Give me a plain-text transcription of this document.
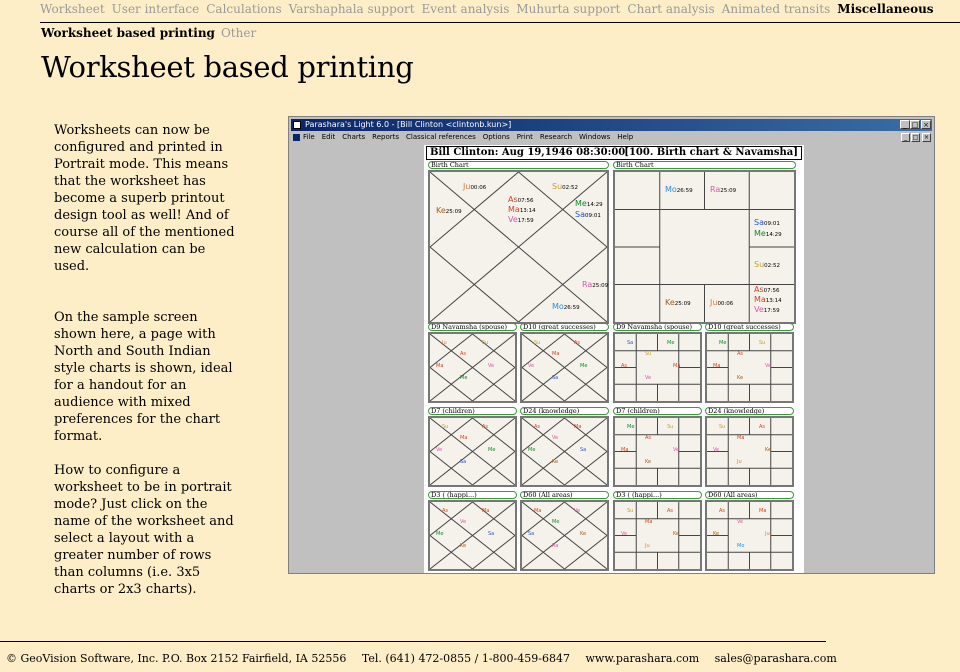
Worksheet User interface Calculations Varshaphala support Event analysis Muhurta support Chart analysis Animated transits Miscellaneous
Worksheet based printing Other
Worksheet based printing

Worksheets can now be configured and printed in Portrait mode. This means that the worksheet has become a superb printout design tool as well! And of course all of the mentioned new calculation can be used.

On the sample screen shown here, a page with North and South Indian style charts is shown, ideal for a handout for an audience with mixed preferences for the chart format.

How to configure a worksheet to be in portrait mode? Just click on the name of the worksheet and select a layout with a greater number of rows than columns (i.e. 3x5 charts or 2x3 charts).

Parashara's Light 6.0 - [Bill Clinton <clintonb.kun>]	_ □ ×
File Edit Charts Reports Classical references Options Print Research Windows Help	_ □ ×
Bill Clinton: Aug 19,1946 08:30:00
[100. Birth chart & Navamsha]
Birth Chart
Ju00:06	Su02:52
As07:56
Ma13:14
Ve17:59
Me14:29
Sa09:01
Ke25:09
Ra25:09
Mo26:59
Birth Chart
Mo26:59 Ra25:09
Sa09:01
Me14:29
Su02:52
As07:56
Ma13:14
Ve17:59
Ke25:09 Ju00:06
D9 Navamsha (spouse)
Ju	Su
As
Ma	Ve
Me
D10 (great successes)
Su	As
Ma
Ve	Me
Sa
D9 Navamsha (spouse)
Sa	Me
Su
As	Ma
Ve
D10 (great successes)
Me	Su
As
Ma	Ve
Ke
D7 (children)
Su	As
Ma
Ve	Me
Sa
D24 (knowledge)
As	Ma
Ve
Me	Sa
Ke
D7 (children)
Me	Su
As
Ma	Ve
Ke
D24 (knowledge)
Su	As
Ma
Ve	Ke
Ju
D3 ( (happi...)
As	Ma
Ve
Me	Sa
Ke
D60 (All areas)
Ma	Ve
Me
Sa	Ke
Ra
D3 ( (happi...)
Su	As
Ma
Ve	Ke
Ju
D60 (All areas)
As	Ma
Ve
Ke	Ju
Mo
© GeoVision Software, Inc. P.O. Box 2152 Fairfield, IA 52556 Tel. (641) 472-0855 / 1-800-459-6847 www.parashara.com sales@parashara.com
